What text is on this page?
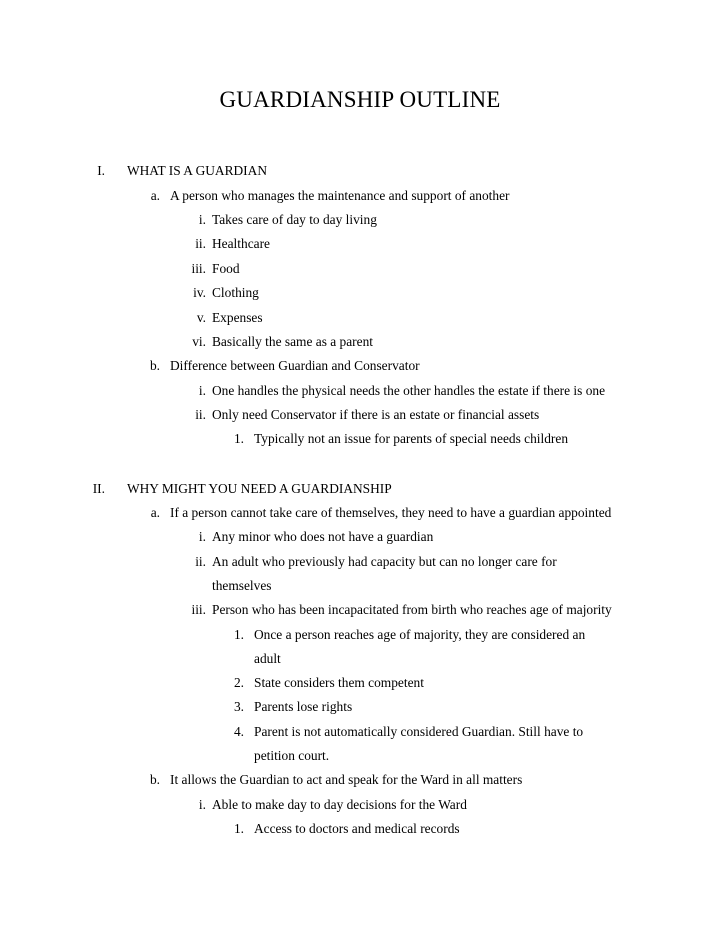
GUARDIANSHIP OUTLINE
I. WHAT IS A GUARDIAN
a. A person who manages the maintenance and support of another
i. Takes care of day to day living
ii. Healthcare
iii. Food
iv. Clothing
v. Expenses
vi. Basically the same as a parent
b. Difference between Guardian and Conservator
i. One handles the physical needs the other handles the estate if there is one
ii. Only need Conservator if there is an estate or financial assets
1. Typically not an issue for parents of special needs children
II. WHY MIGHT YOU NEED A GUARDIANSHIP
a. If a person cannot take care of themselves, they need to have a guardian appointed
i. Any minor who does not have a guardian
ii. An adult who previously had capacity but can no longer care for
themselves
iii. Person who has been incapacitated from birth who reaches age of majority
1. Once a person reaches age of majority, they are considered an
adult
2. State considers them competent
3. Parents lose rights
4. Parent is not automatically considered Guardian. Still have to
petition court.
b. It allows the Guardian to act and speak for the Ward in all matters
i. Able to make day to day decisions for the Ward
1. Access to doctors and medical records
